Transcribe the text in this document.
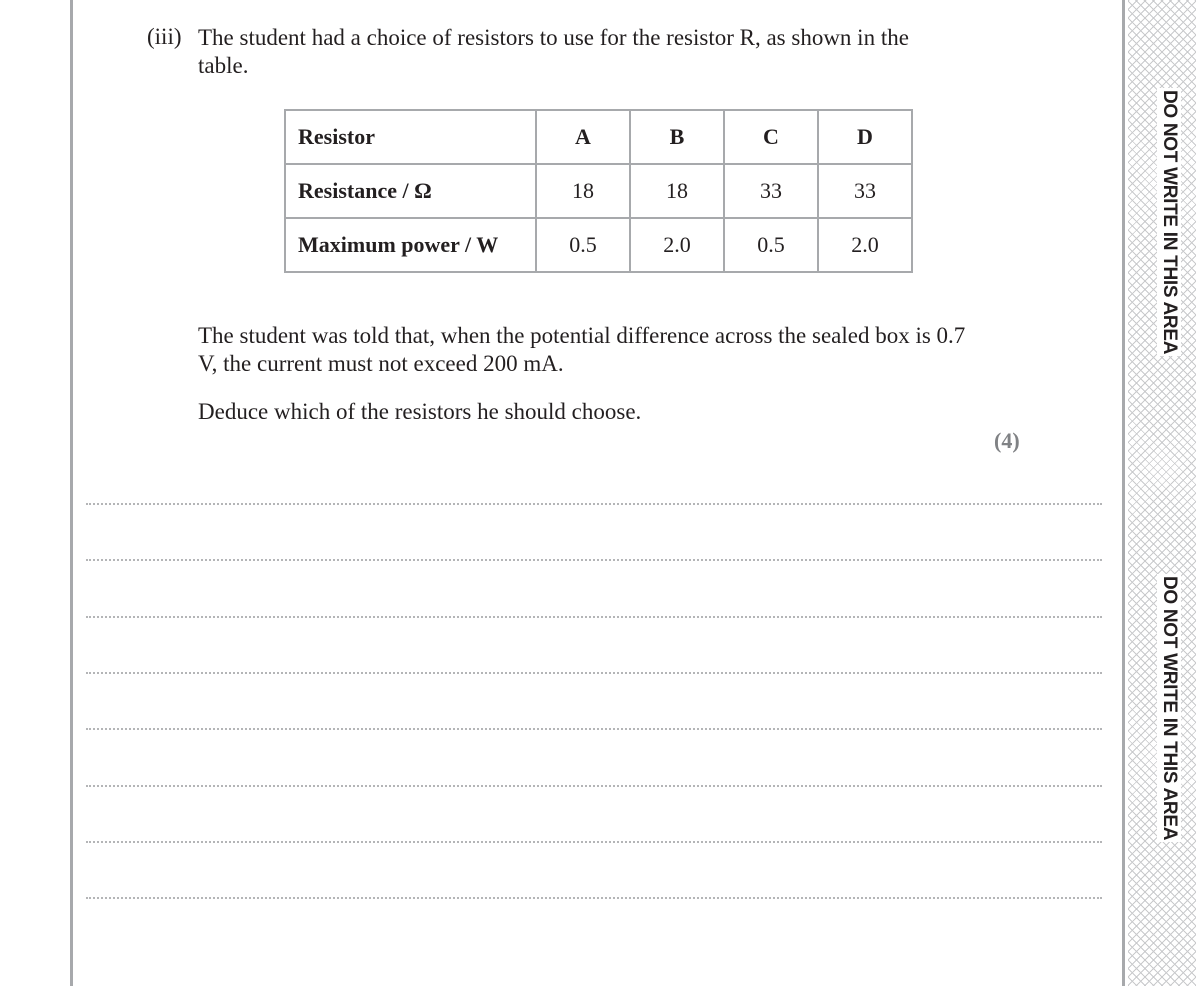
DO NOT WRITE IN THIS AREA
DO NOT WRITE IN THIS AREA
(iii) The student had a choice of resistors to use for the resistor R, as shown in the table.
Resistor	A	B	C	D
Resistance / Ω	18	18	33	33
Maximum power / W	0.5	2.0	0.5	2.0
The student was told that, when the potential difference across the sealed box is 0.7 V, the current must not exceed 200 mA.
Deduce which of the resistors he should choose.
(4)
